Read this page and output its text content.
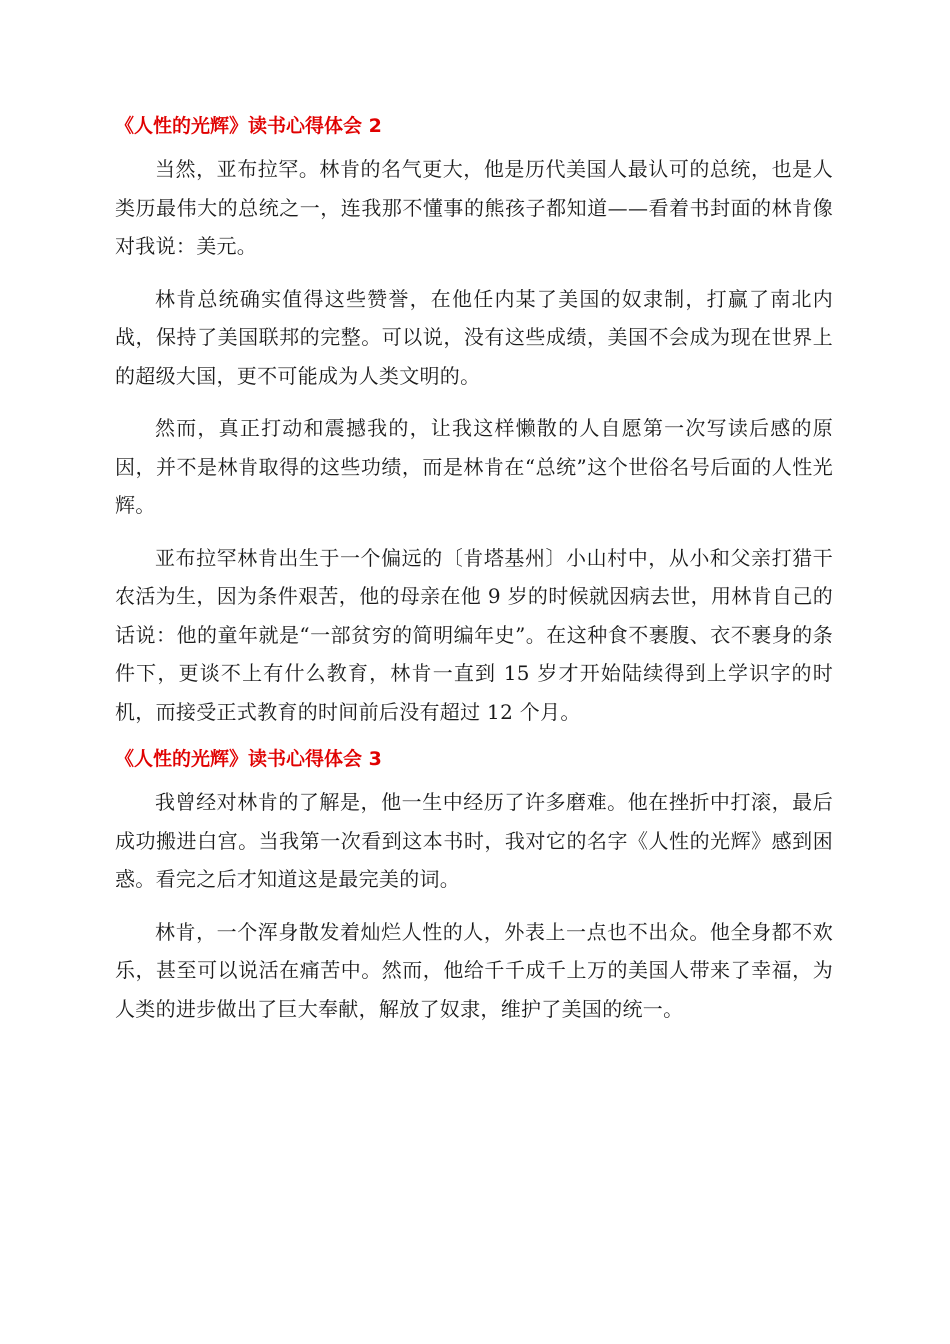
《人性的光辉》读书心得体会 2

当然，亚布拉罕。林肯的名气更大，他是历代美国人最认可的总统，也是人类历最伟大的总统之一，连我那不懂事的熊孩子都知道——看着书封面的林肯像对我说：美元。

林肯总统确实值得这些赞誉，在他任内某了美国的奴隶制，打赢了南北内战，保持了美国联邦的完整。可以说，没有这些成绩，美国不会成为现在世界上的超级大国，更不可能成为人类文明的。

然而，真正打动和震撼我的，让我这样懒散的人自愿第一次写读后感的原因，并不是林肯取得的这些功绩，而是林肯在“总统”这个世俗名号后面的人性光辉。

亚布拉罕林肯出生于一个偏远的〔肯塔基州〕小山村中，从小和父亲打猎干农活为生，因为条件艰苦，他的母亲在他 9 岁的时候就因病去世，用林肯自己的话说：他的童年就是“一部贫穷的简明编年史”。在这种食不裹腹、衣不裹身的条件下，更谈不上有什么教育，林肯一直到 15 岁才开始陆续得到上学识字的时机，而接受正式教育的时间前后没有超过 12 个月。

《人性的光辉》读书心得体会 3

我曾经对林肯的了解是，他一生中经历了许多磨难。他在挫折中打滚，最后成功搬进白宫。当我第一次看到这本书时，我对它的名字《人性的光辉》感到困惑。看完之后才知道这是最完美的词。

林肯，一个浑身散发着灿烂人性的人，外表上一点也不出众。他全身都不欢乐，甚至可以说活在痛苦中。然而，他给千千成千上万的美国人带来了幸福，为人类的进步做出了巨大奉献，解放了奴隶，维护了美国的统一。
